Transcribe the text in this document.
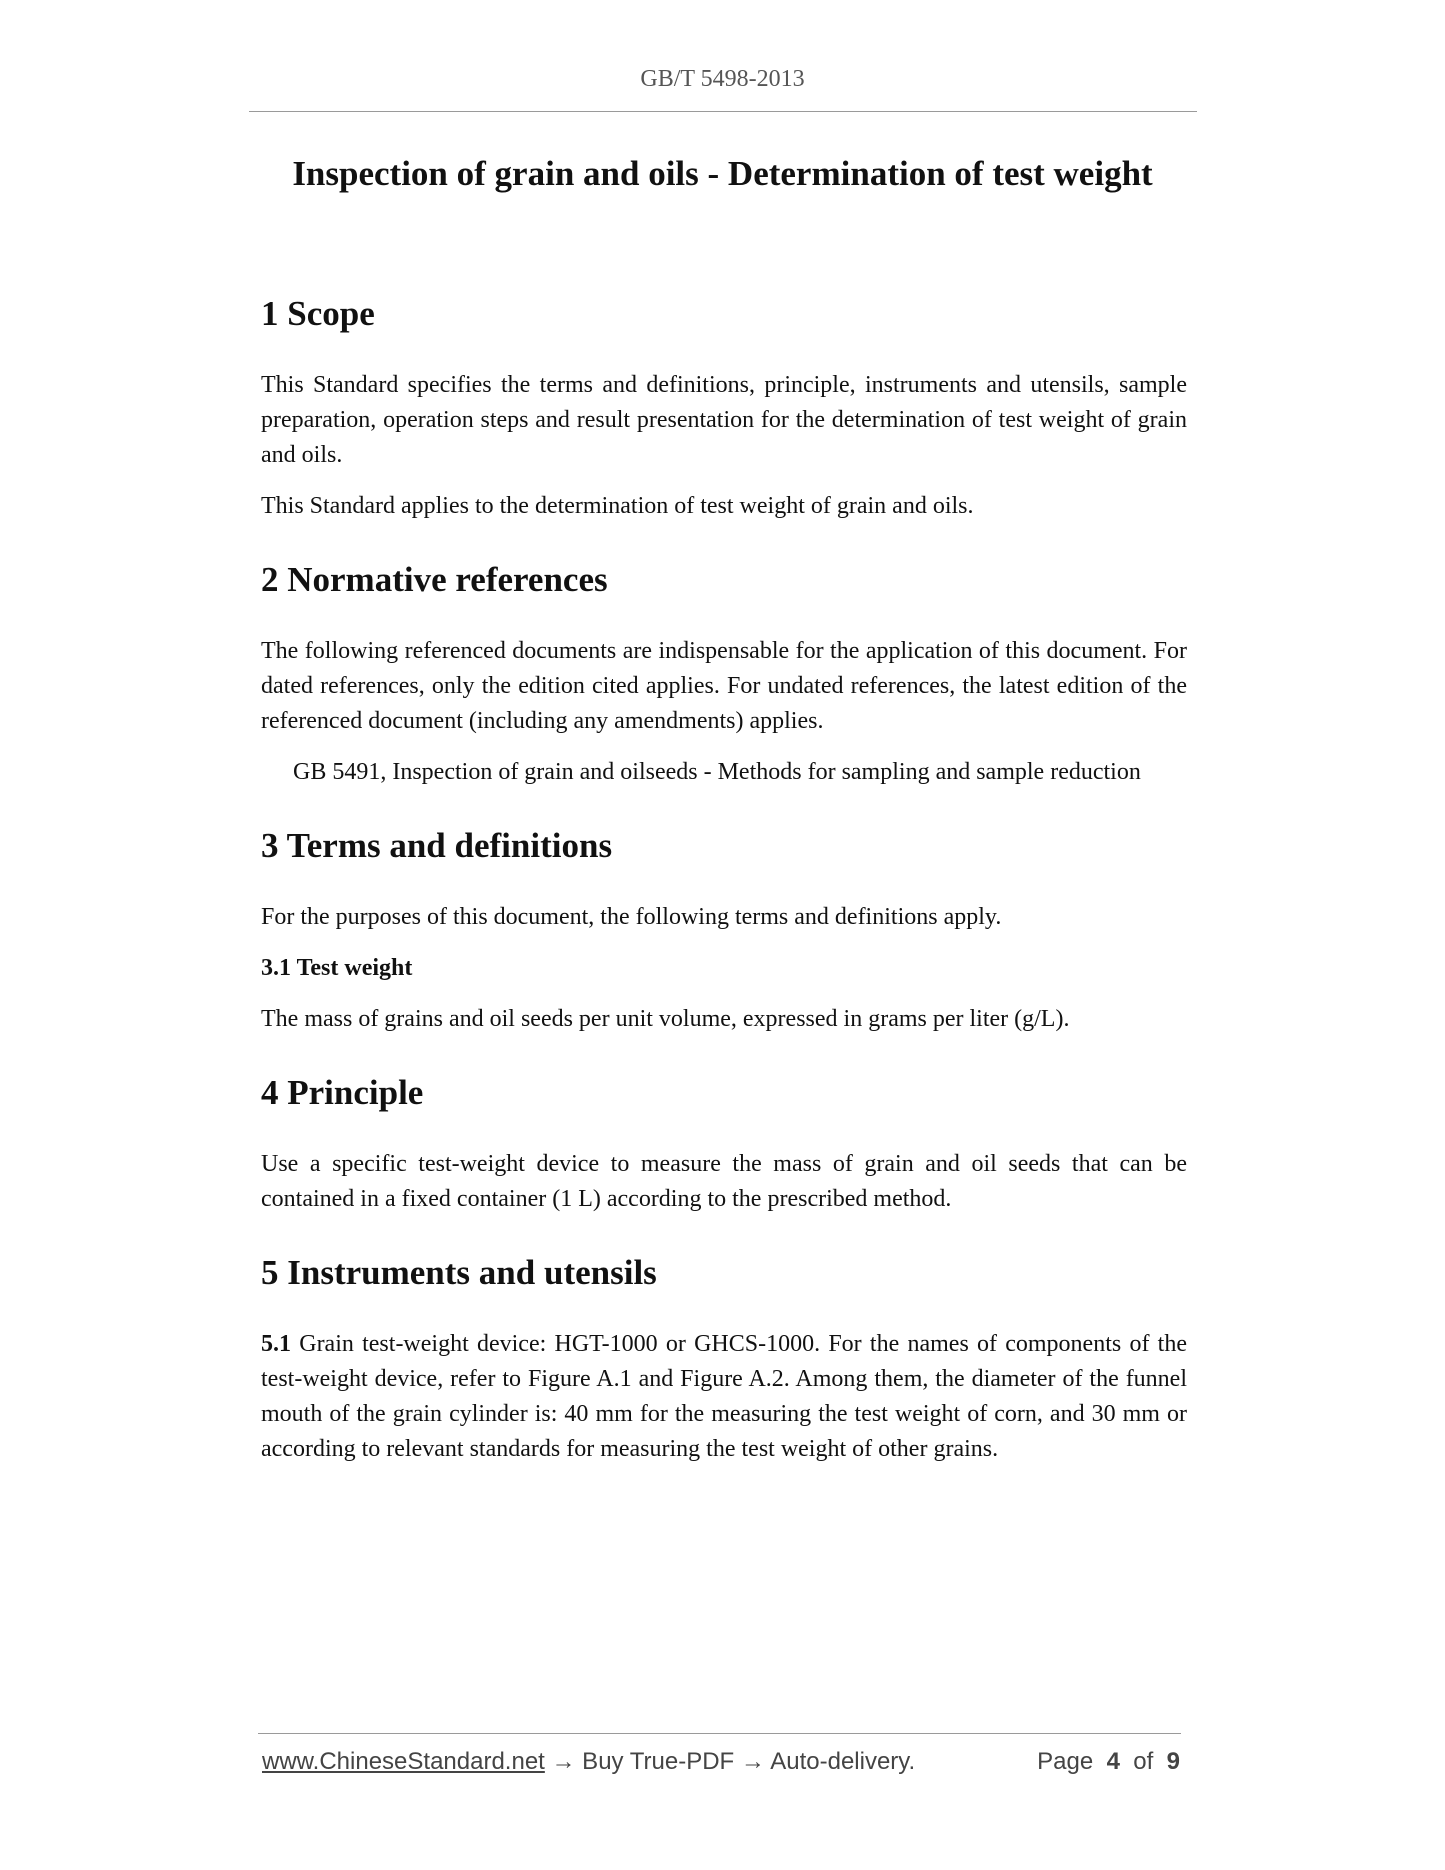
GB/T 5498-2013
Inspection of grain and oils - Determination of test weight
1 Scope

This Standard specifies the terms and definitions, principle, instruments and utensils, sample preparation, operation steps and result presentation for the determination of test weight of grain and oils.

This Standard applies to the determination of test weight of grain and oils.

2 Normative references

The following referenced documents are indispensable for the application of this document. For dated references, only the edition cited applies. For undated references, the latest edition of the referenced document (including any amendments) applies.

GB 5491, Inspection of grain and oilseeds - Methods for sampling and sample reduction

3 Terms and definitions

For the purposes of this document, the following terms and definitions apply.

3.1 Test weight

The mass of grains and oil seeds per unit volume, expressed in grams per liter (g/L).

4 Principle

Use a specific test-weight device to measure the mass of grain and oil seeds that can be contained in a fixed container (1 L) according to the prescribed method.

5 Instruments and utensils

5.1 Grain test-weight device: HGT-1000 or GHCS-1000. For the names of components of the test-weight device, refer to Figure A.1 and Figure A.2. Among them, the diameter of the funnel mouth of the grain cylinder is: 40 mm for the measuring the test weight of corn, and 30 mm or according to relevant standards for measuring the test weight of other grains.

www.ChineseStandard.net → Buy True-PDF → Auto-delivery.	Page 4 of 9
